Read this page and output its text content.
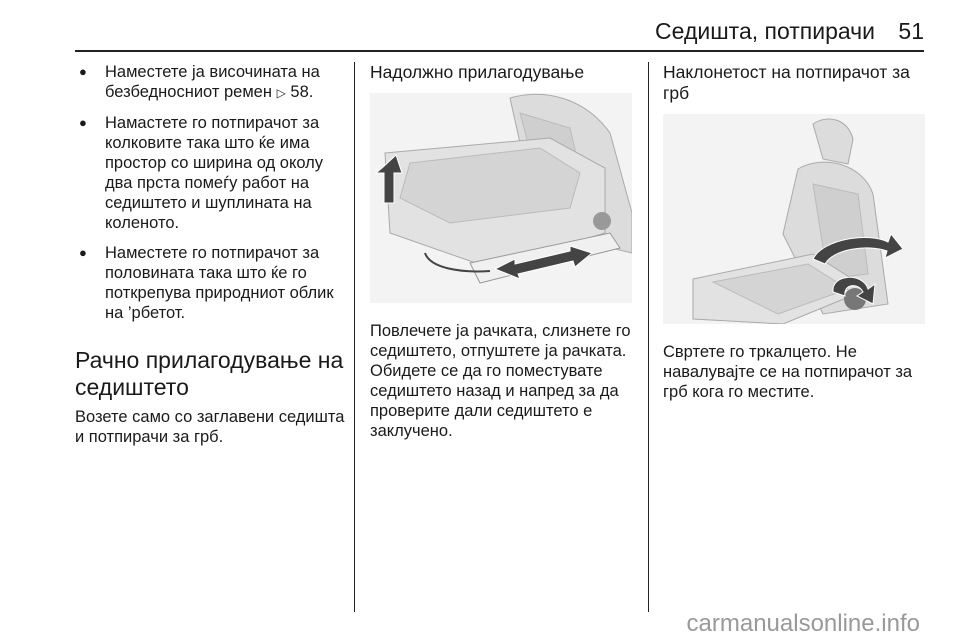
Седишта, потпирачи 51
● Наместете ја височината на безбедносниот ремен ▷ 58.
● Намастете го потпирачот за колковите така што ќе има простор со ширина од околу два прста помеѓу работ на седиштето и шуплината на коленото.
● Наместете го потпирачот за половината така што ќе го поткрепува природниот облик на ’рбетот.
Рачно прилагодување на седиштето

Возете само со заглавени седишта и потпирачи за грб.

Надолжно прилагодување

Повлечете ја рачката, слизнете го седиштето, отпуштете ја рачката. Обидете се да го поместувате седиштето назад и напред за да проверите дали седиштето е заклучено.

Наклонетост на потпирачот за грб

Свртете го тркалцето. Не навалувајте се на потпирачот за грб кога го местите.

carmanualsonline.info
